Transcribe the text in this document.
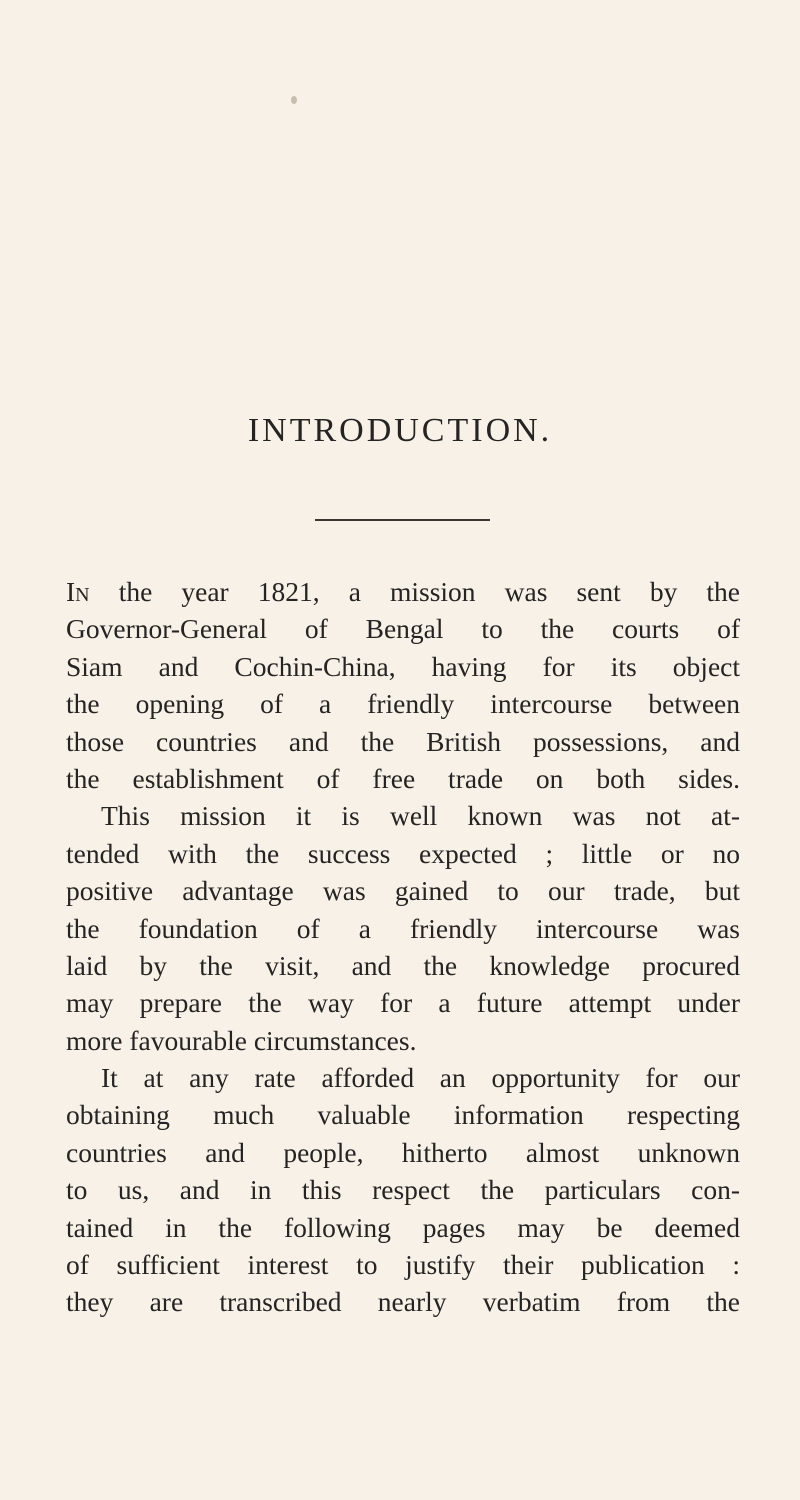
INTRODUCTION.
IN the year 1821, a mission was sent by the
Governor-General of Bengal to the courts of
Siam and Cochin-China, having for its object
the opening of a friendly intercourse between
those countries and the British possessions, and
the establishment of free trade on both sides.
This mission it is well known was not at-
tended with the success expected ; little or no
positive advantage was gained to our trade, but
the foundation of a friendly intercourse was
laid by the visit, and the knowledge procured
may prepare the way for a future attempt under
more favourable circumstances.
It at any rate afforded an opportunity for our
obtaining much valuable information respecting
countries and people, hitherto almost unknown
to us, and in this respect the particulars con-
tained in the following pages may be deemed
of sufficient interest to justify their publication :
they are transcribed nearly verbatim from the
